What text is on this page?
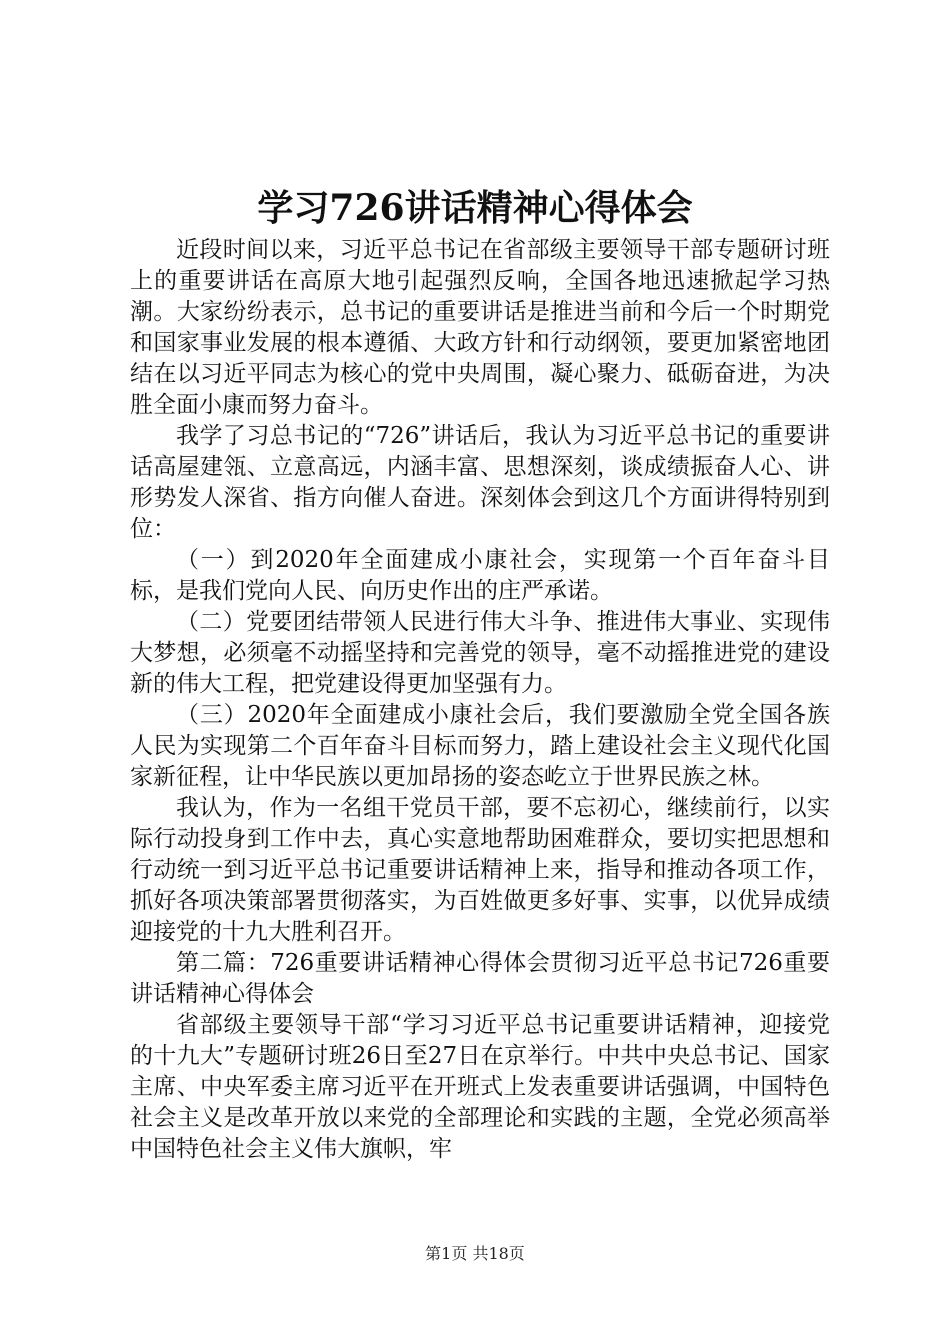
学习726讲话精神心得体会

近段时间以来，习近平总书记在省部级主要领导干部专题研讨班上的重要讲话在高原大地引起强烈反响，全国各地迅速掀起学习热潮。大家纷纷表示，总书记的重要讲话是推进当前和今后一个时期党和国家事业发展的根本遵循、大政方针和行动纲领，要更加紧密地团结在以习近平同志为核心的党中央周围，凝心聚力、砥砺奋进，为决胜全面小康而努力奋斗。

我学了习总书记的“726”讲话后，我认为习近平总书记的重要讲话高屋建瓴、立意高远，内涵丰富、思想深刻，谈成绩振奋人心、讲形势发人深省、指方向催人奋进。深刻体会到这几个方面讲得特别到位：

（一）到2020年全面建成小康社会，实现第一个百年奋斗目标，是我们党向人民、向历史作出的庄严承诺。

（二）党要团结带领人民进行伟大斗争、推进伟大事业、实现伟大梦想，必须毫不动摇坚持和完善党的领导，毫不动摇推进党的建设新的伟大工程，把党建设得更加坚强有力。

（三）2020年全面建成小康社会后，我们要激励全党全国各族人民为实现第二个百年奋斗目标而努力，踏上建设社会主义现代化国家新征程，让中华民族以更加昂扬的姿态屹立于世界民族之林。

我认为，作为一名组干党员干部，要不忘初心，继续前行，以实际行动投身到工作中去，真心实意地帮助困难群众，要切实把思想和行动统一到习近平总书记重要讲话精神上来，指导和推动各项工作，抓好各项决策部署贯彻落实，为百姓做更多好事、实事，以优异成绩迎接党的十九大胜利召开。

第二篇：726重要讲话精神心得体会贯彻习近平总书记726重要讲话精神心得体会

省部级主要领导干部“学习习近平总书记重要讲话精神，迎接党的十九大”专题研讨班26日至27日在京举行。中共中央总书记、国家主席、中央军委主席习近平在开班式上发表重要讲话强调，中国特色社会主义是改革开放以来党的全部理论和实践的主题，全党必须高举中国特色社会主义伟大旗帜，牢

第1页 共18页
